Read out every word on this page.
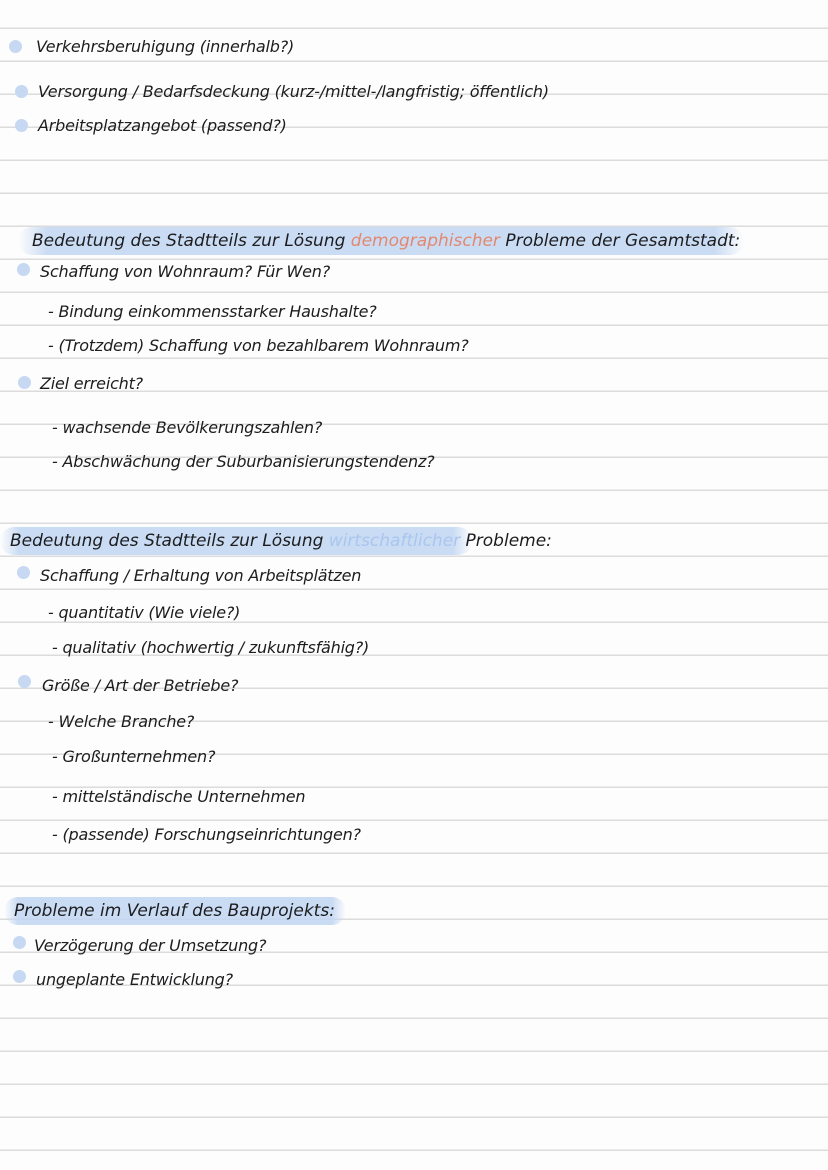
Verkehrsberuhigung (innerhalb?)
Versorgung / Bedarfsdeckung (kurz-/mittel-/langfristig; öffentlich)
Arbeitsplatzangebot (passend?)
Bedeutung des Stadtteils zur Lösung demographischer Probleme der Gesamtstadt:
Schaffung von Wohnraum? Für Wen?
- Bindung einkommensstarker Haushalte?
- (Trotzdem) Schaffung von bezahlbarem Wohnraum?
Ziel erreicht?
- wachsende Bevölkerungszahlen?
- Abschwächung der Suburbanisierungstendenz?
Bedeutung des Stadtteils zur Lösung wirtschaftlicher Probleme:
Schaffung / Erhaltung von Arbeitsplätzen
- quantitativ (Wie viele?)
- qualitativ (hochwertig / zukunftsfähig?)
Größe / Art der Betriebe?
- Welche Branche?
- Großunternehmen?
- mittelständische Unternehmen
- (passende) Forschungseinrichtungen?
Probleme im Verlauf des Bauprojekts:
Verzögerung der Umsetzung?
ungeplante Entwicklung?
